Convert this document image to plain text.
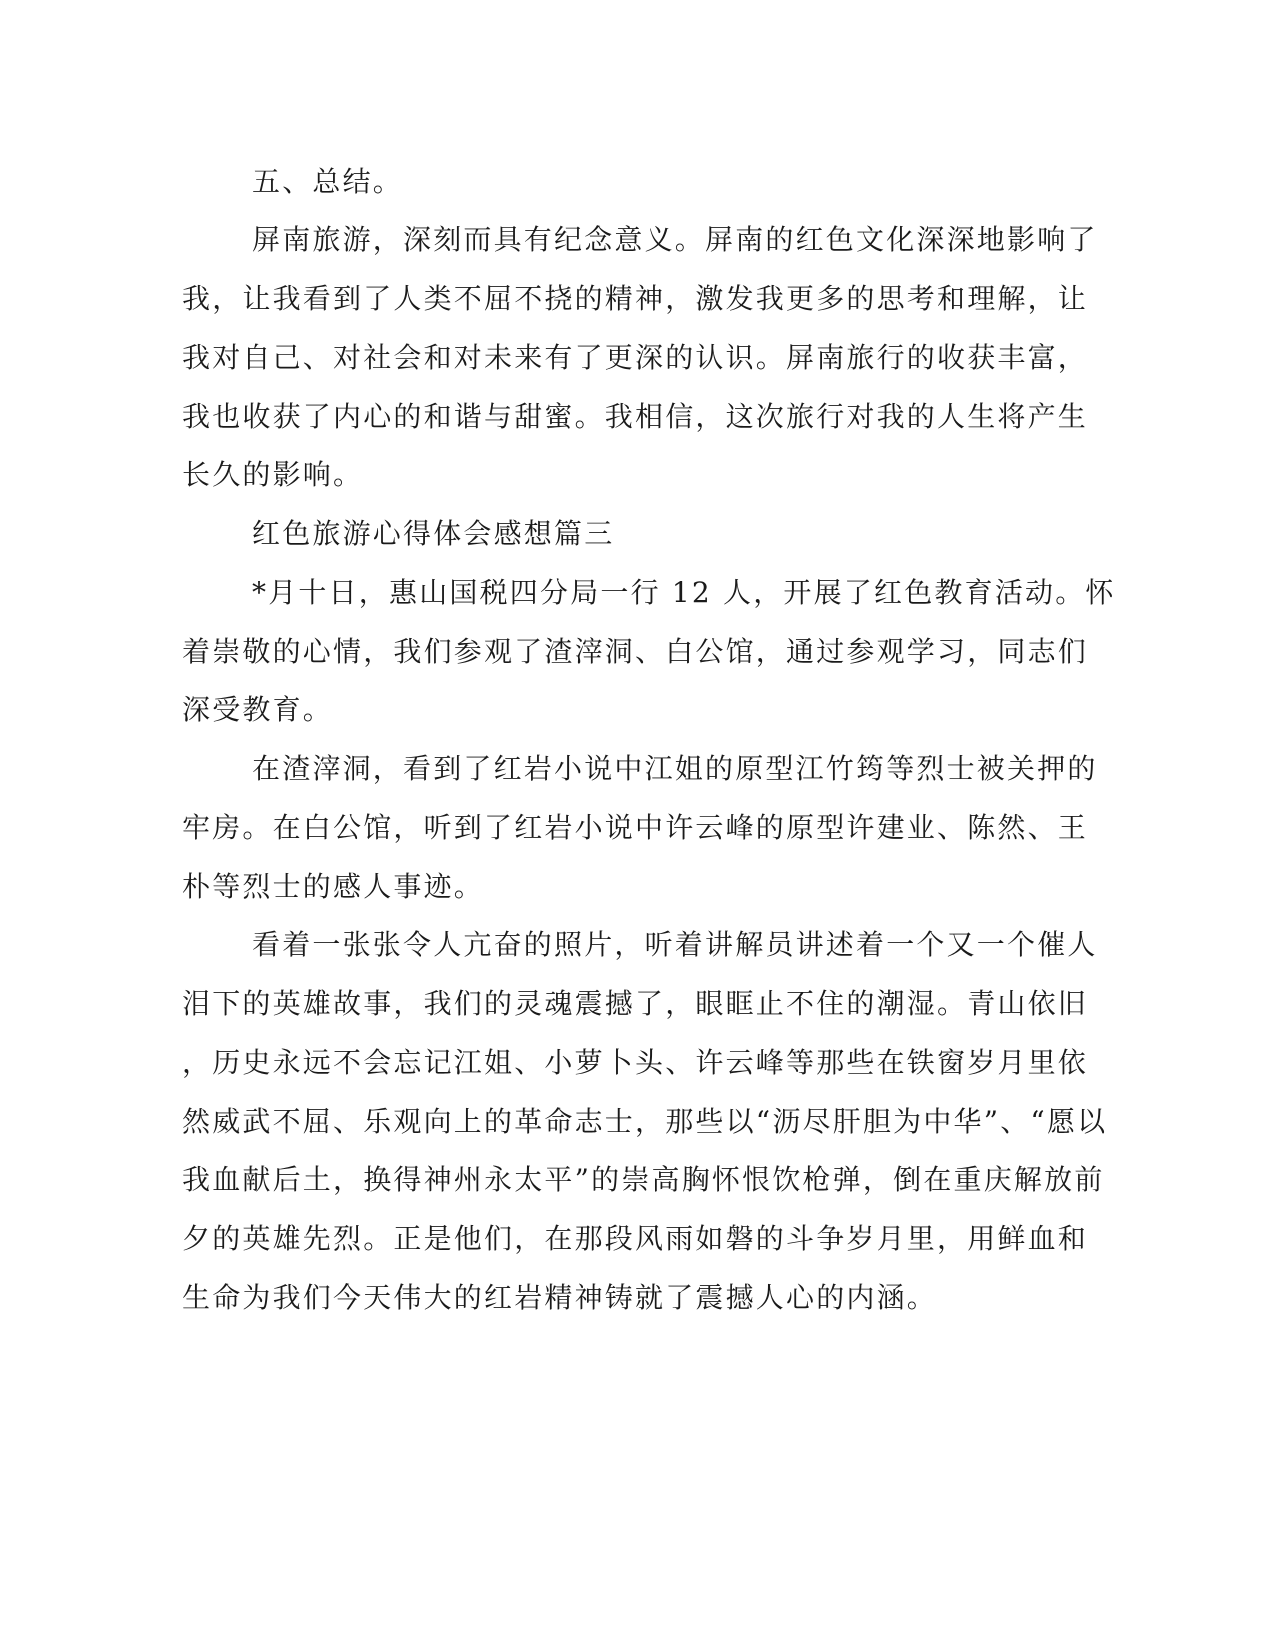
五、总结。
屏南旅游，深刻而具有纪念意义。屏南的红色文化深深地影响了
我，让我看到了人类不屈不挠的精神，激发我更多的思考和理解，让
我对自己、对社会和对未来有了更深的认识。屏南旅行的收获丰富，
我也收获了内心的和谐与甜蜜。我相信，这次旅行对我的人生将产生
长久的影响。
红色旅游心得体会感想篇三
*月十日，惠山国税四分局一行 12 人，开展了红色教育活动。怀
着崇敬的心情，我们参观了渣滓洞、白公馆，通过参观学习，同志们
深受教育。
在渣滓洞，看到了红岩小说中江姐的原型江竹筠等烈士被关押的
牢房。在白公馆，听到了红岩小说中许云峰的原型许建业、陈然、王
朴等烈士的感人事迹。
看着一张张令人亢奋的照片，听着讲解员讲述着一个又一个催人
泪下的英雄故事，我们的灵魂震撼了，眼眶止不住的潮湿。青山依旧
，历史永远不会忘记江姐、小萝卜头、许云峰等那些在铁窗岁月里依
然威武不屈、乐观向上的革命志士，那些以“沥尽肝胆为中华”、“愿以
我血献后土，换得神州永太平”的崇高胸怀恨饮枪弹，倒在重庆解放前
夕的英雄先烈。正是他们，在那段风雨如磐的斗争岁月里，用鲜血和
生命为我们今天伟大的红岩精神铸就了震撼人心的内涵。
